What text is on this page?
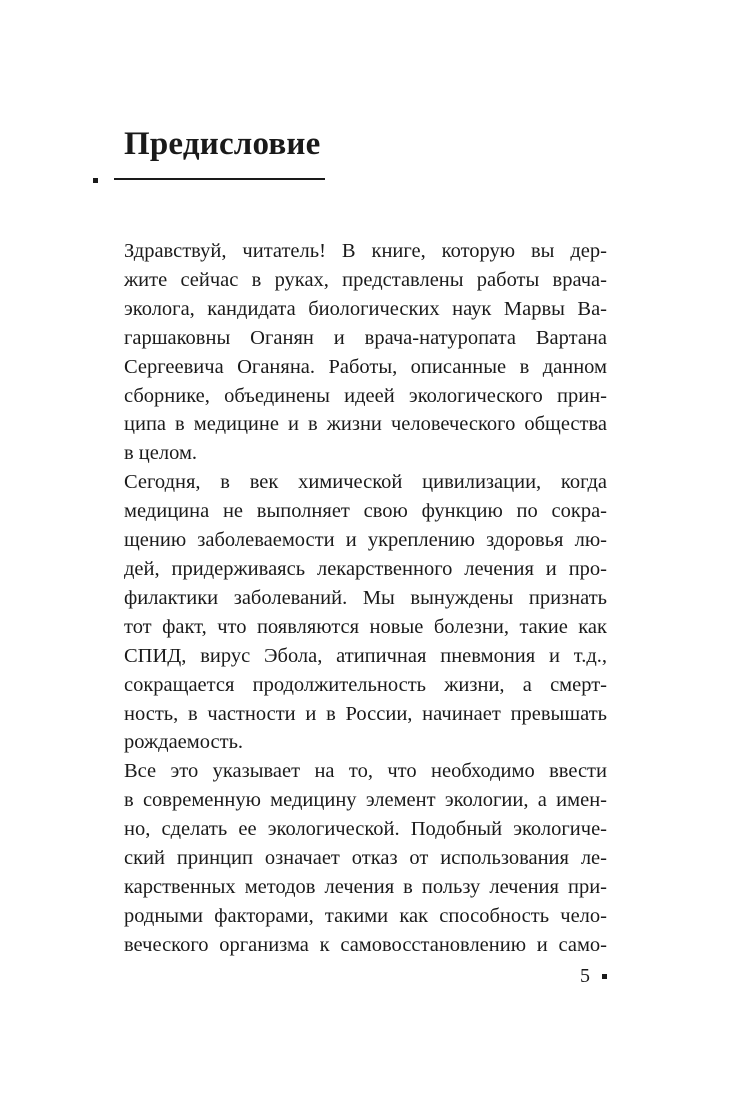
Предисловие

Здравствуй, читатель! В книге, которую вы дер-
жите сейчас в руках, представлены работы врача-
эколога, кандидата биологических наук Марвы Ва-
гаршаковны Оганян и врача-натуропата Вартана
Сергеевича Оганяна. Работы, описанные в данном
сборнике, объединены идеей экологического прин-
ципа в медицине и в жизни человеческого общества
в целом.

Сегодня, в век химической цивилизации, когда
медицина не выполняет свою функцию по сокра-
щению заболеваемости и укреплению здоровья лю-
дей, придерживаясь лекарственного лечения и про-
филактики заболеваний. Мы вынуждены признать
тот факт, что появляются новые болезни, такие как
СПИД, вирус Эбола, атипичная пневмония и т.д.,
сокращается продолжительность жизни, а смерт-
ность, в частности и в России, начинает превышать
рождаемость.

Все это указывает на то, что необходимо ввести
в современную медицину элемент экологии, а имен-
но, сделать ее экологической. Подобный экологиче-
ский принцип означает отказ от использования ле-
карственных методов лечения в пользу лечения при-
родными факторами, такими как способность чело-
веческого организма к самовосстановлению и само-

5
